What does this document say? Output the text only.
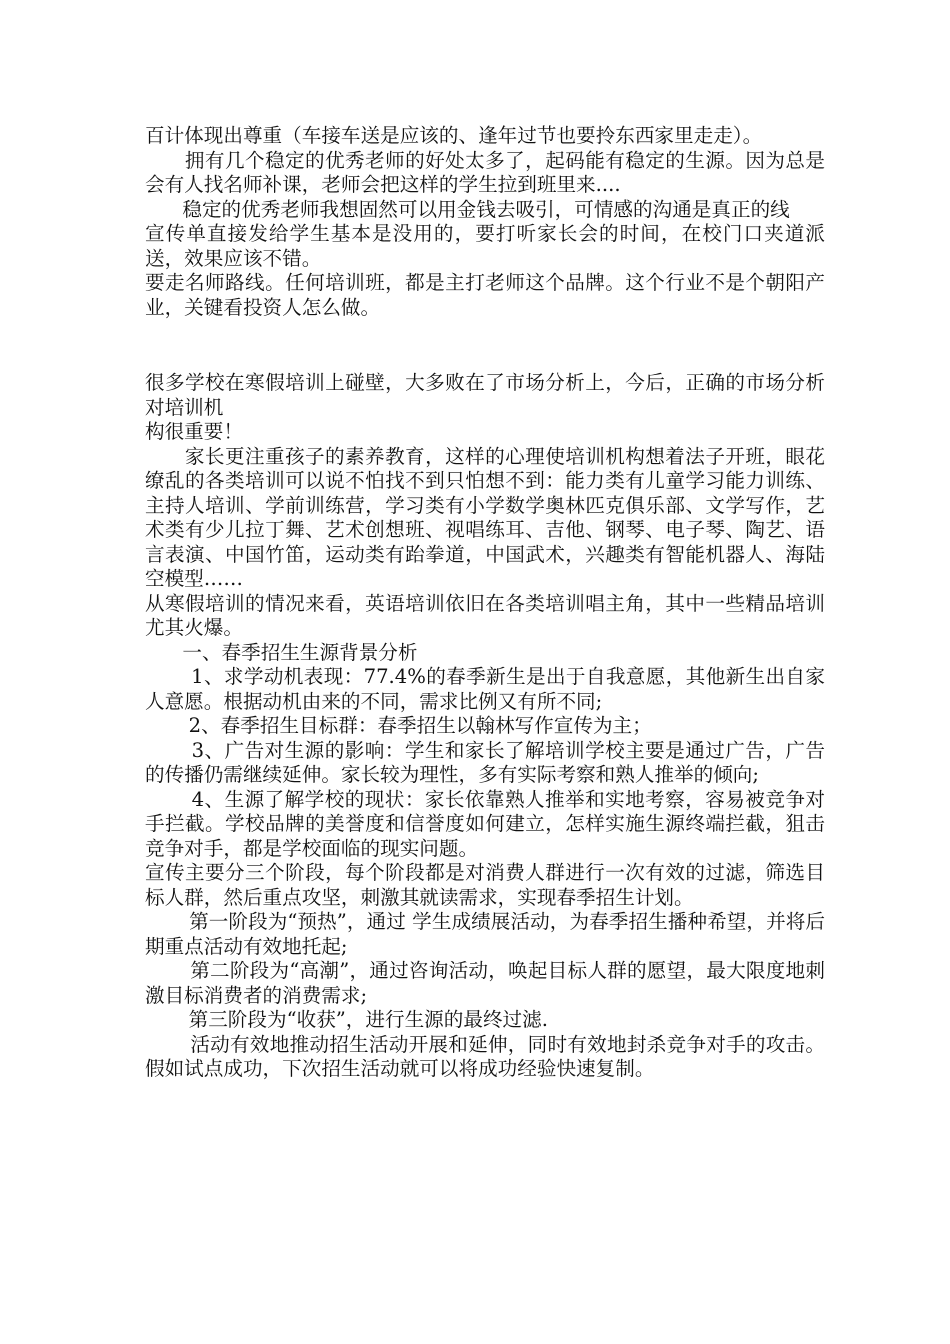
百计体现出尊重（车接车送是应该的、逢年过节也要拎东西家里走走）。

拥有几个稳定的优秀老师的好处太多了，起码能有稳定的生源。因为总是会有人找名师补课，老师会把这样的学生拉到班里来....

稳定的优秀老师我想固然可以用金钱去吸引，可情感的沟通是真正的线

宣传单直接发给学生基本是没用的，要打听家长会的时间，在校门口夹道派送，效果应该不错。

要走名师路线。任何培训班，都是主打老师这个品牌。这个行业不是个朝阳产业，关键看投资人怎么做。

很多学校在寒假培训上碰壁，大多败在了市场分析上，今后，正确的市场分析对培训机

构很重要！

家长更注重孩子的素养教育，这样的心理使培训机构想着法子开班，眼花缭乱的各类培训可以说不怕找不到只怕想不到：能力类有儿童学习能力训练、主持人培训、学前训练营，学习类有小学数学奥林匹克俱乐部、文学写作，艺术类有少儿拉丁舞、艺术创想班、视唱练耳、吉他、钢琴、电子琴、陶艺、语言表演、中国竹笛，运动类有跆拳道，中国武术，兴趣类有智能机器人、海陆空模型……

从寒假培训的情况来看，英语培训依旧在各类培训唱主角，其中一些精品培训尤其火爆。

一、春季招生生源背景分析

1、求学动机表现：77.4%的春季新生是出于自我意愿，其他新生出自家人意愿。根据动机由来的不同，需求比例又有所不同;

2、春季招生目标群：春季招生以翰林写作宣传为主；

3、广告对生源的影响：学生和家长了解培训学校主要是通过广告，广告的传播仍需继续延伸。家长较为理性，多有实际考察和熟人推举的倾向;

4、生源了解学校的现状：家长依靠熟人推举和实地考察，容易被竞争对手拦截。学校品牌的美誉度和信誉度如何建立，怎样实施生源终端拦截，狙击竞争对手，都是学校面临的现实问题。

宣传主要分三个阶段，每个阶段都是对消费人群进行一次有效的过滤，筛选目标人群，然后重点攻坚，刺激其就读需求，实现春季招生计划。

第一阶段为“预热”，通过 学生成绩展活动，为春季招生播种希望，并将后期重点活动有效地托起;

第二阶段为“高潮”，通过咨询活动，唤起目标人群的愿望，最大限度地刺激目标消费者的消费需求;

第三阶段为“收获”，进行生源的最终过滤.

活动有效地推动招生活动开展和延伸，同时有效地封杀竞争对手的攻击。假如试点成功，下次招生活动就可以将成功经验快速复制。
